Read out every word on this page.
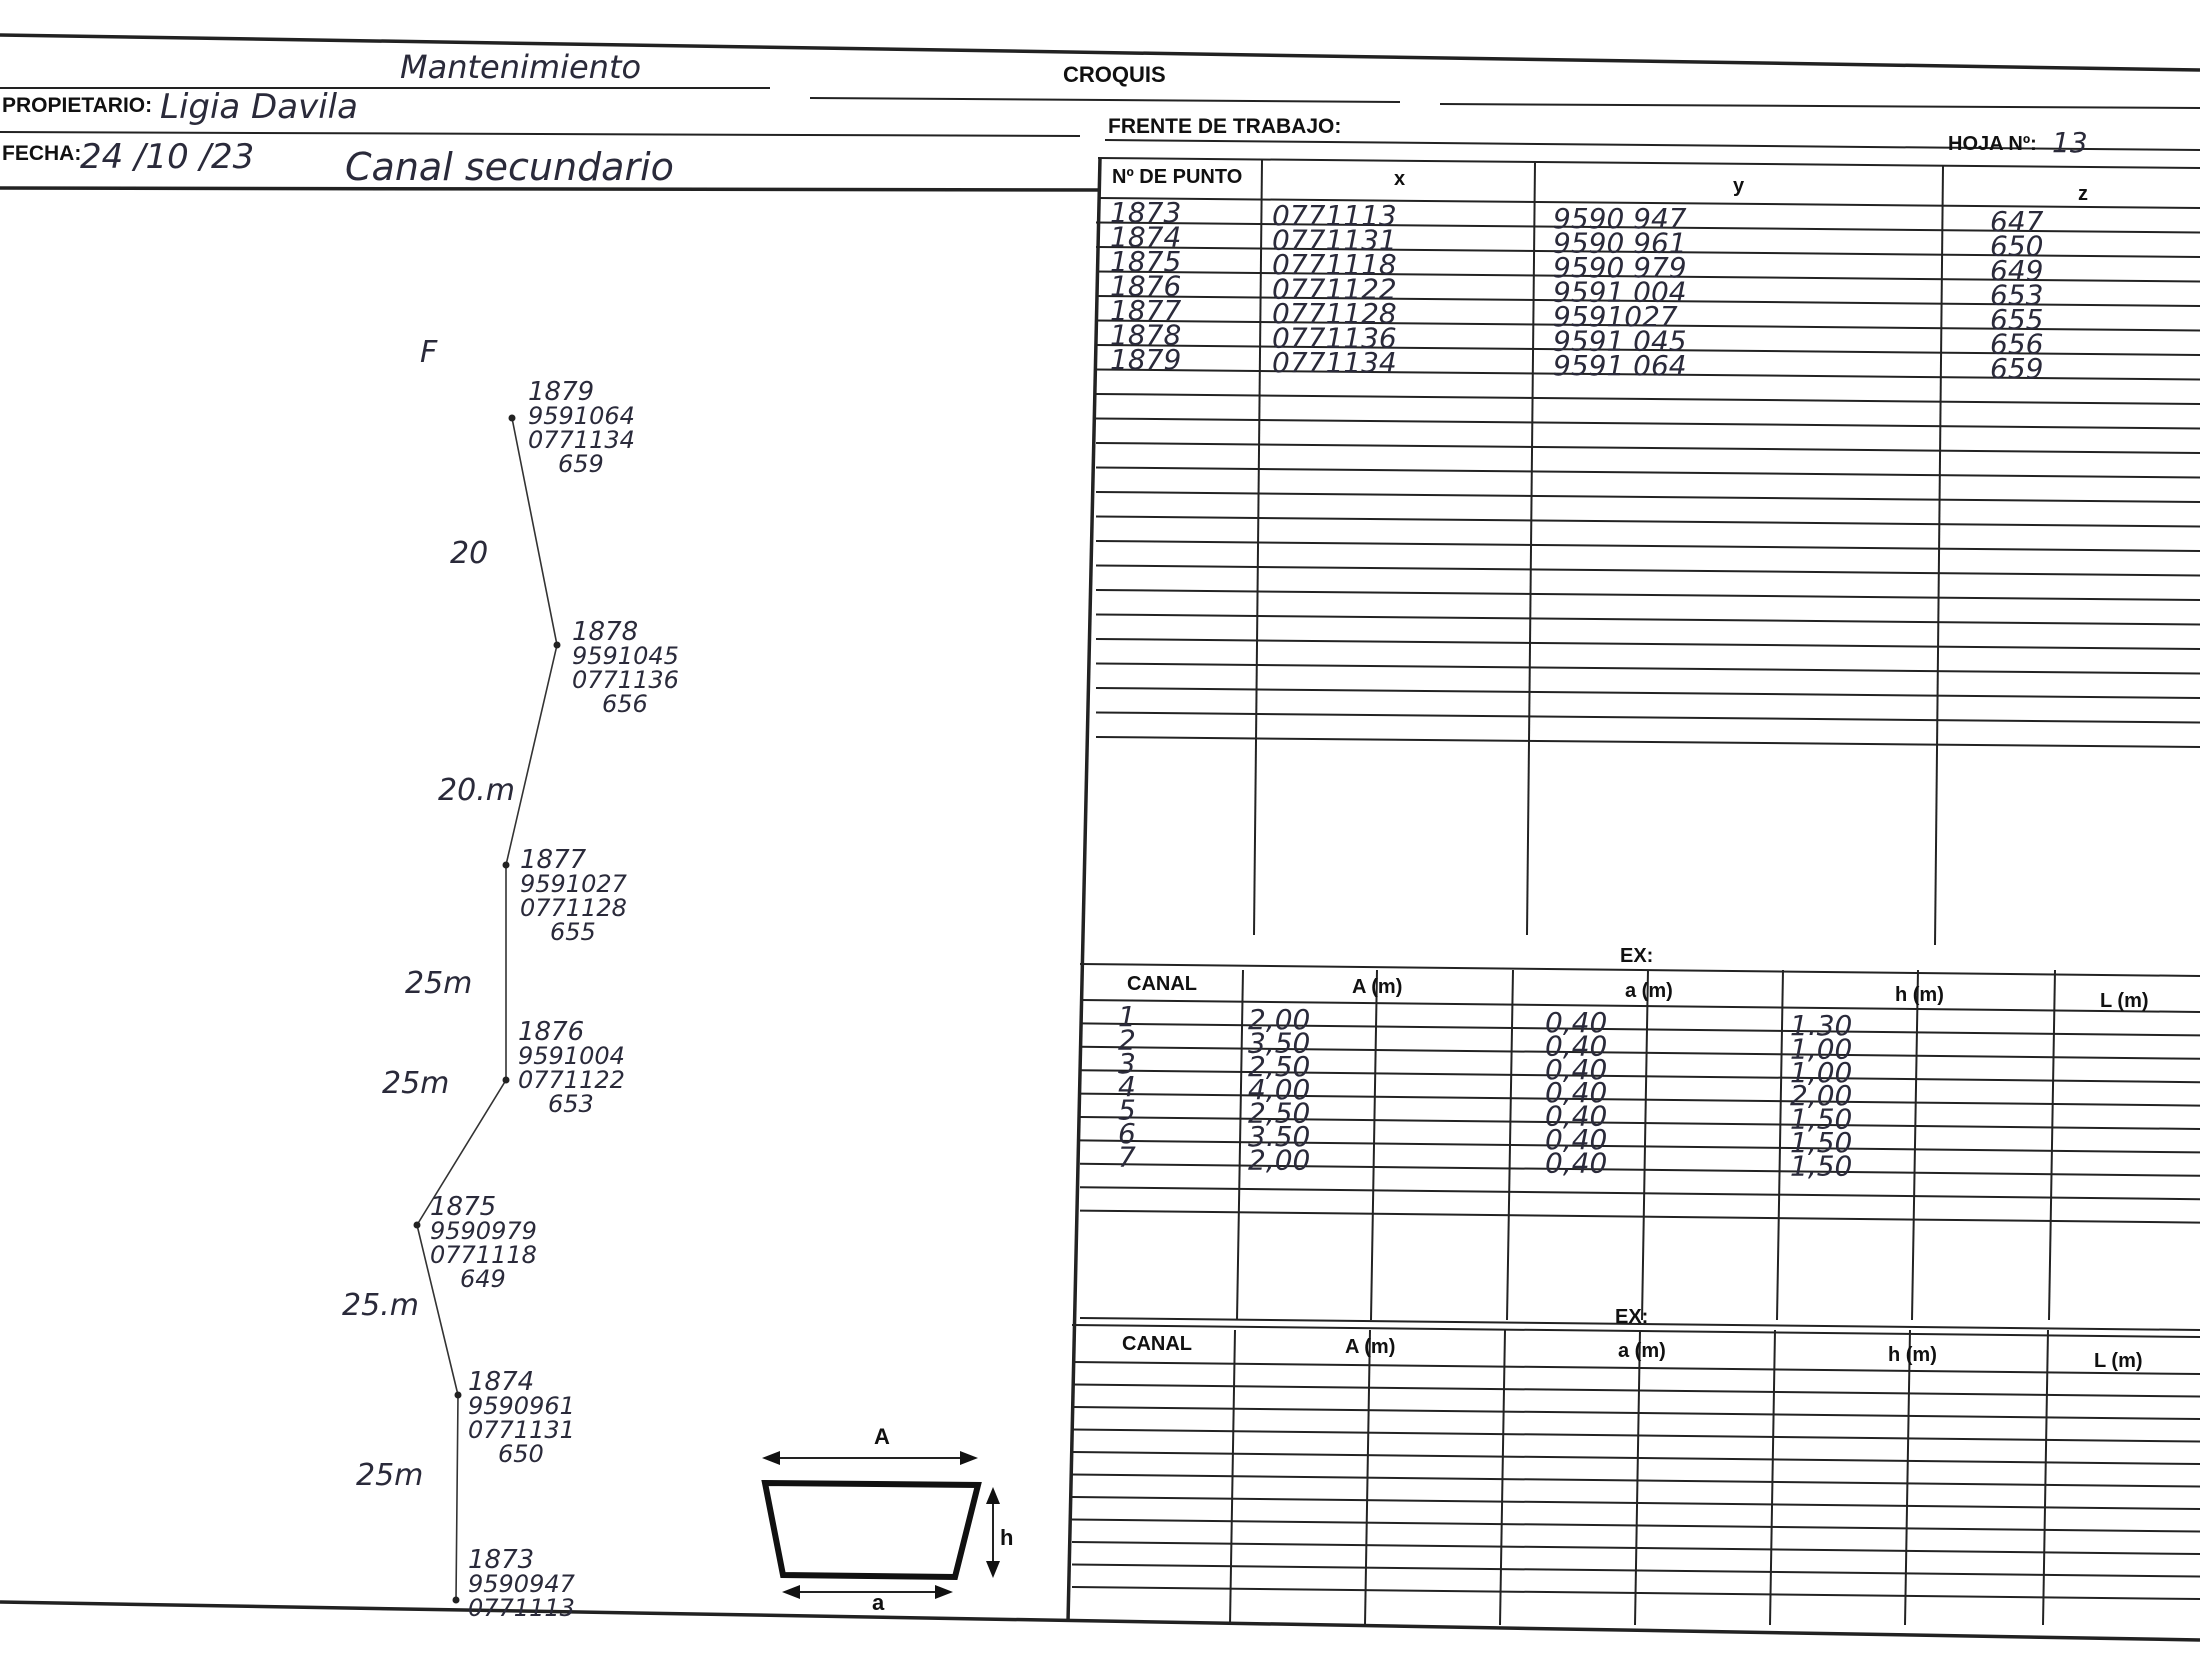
Mantenimiento	CROQUIS
PROPIETARIO: Ligia Davila
FECHA:
24 /10 /23 Canal secundario
FRENTE DE TRABAJO:
HOJA Nº: 13
Nº DE PUNTO	x	y	z
1873	0771113	9590 947	647
1874	0771131	9590 961	650
1875	0771118	9590 979	649
1876	0771122	9591 004	653
1877	0771128	9591027	655
1878	0771136	9591 045	656
1879	0771134	9591 064	659
EX:
CANAL	A (m)	a (m)	h (m)	L (m)
1	2,00	0,40	1.30
2	3,50	0,40	1,00
3	2,50	0,40	1,00
4	4,00	0,40	2,00
5	2,50	0,40	1,50
6	3.50	0,40	1,50
7	2,00	0,40	1,50
EX:
CANAL	A (m)	a (m)	h (m)	L (m)
F
1879
9591064
0771134
659
1878
9591045
0771136
656
1877
9591027
0771128
655
1876
9591004
0771122
653
1875
9590979
0771118
649
1874
9590961
0771131
650
1873
9590947
0771113
20
20.m
25m
25m
25.m
25m
A
a
h
